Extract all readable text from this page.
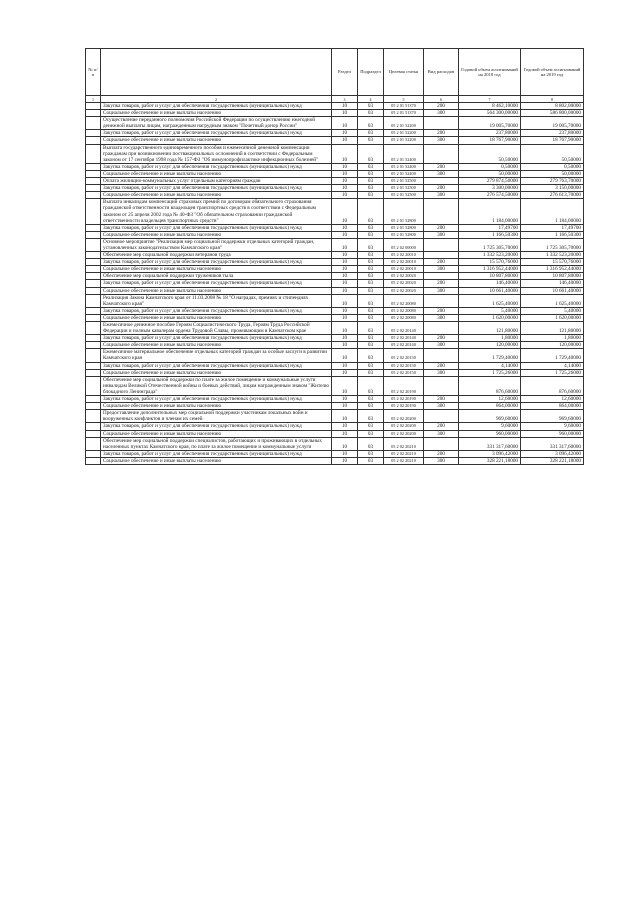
№ п/п		Раздел	Подраздел	Целевая статья	Вид расходов	Годовой объем ассигнований на 2018 год	Годовой объем ассигнований на 2019 год
1	2	3	4	5	6	7	8
	Закупка товаров, работ и услуг для обеспечения государственных (муниципальных) нужд	10	03	05 2 01 51370	200	8 462,10000	8 802,00000
	Социальное обеспечение и иные выплаты населению	10	03	05 2 01 51370	300	564 300,00000	586 800,00000
	Осуществление переданного полномочия Российской Федерации по осуществлению ежегодной денежной выплаты лицам, награжденным нагрудным знаком "Почетный донор России"	10	03	05 2 01 52200		19 005,70000	19 005,70000
	Закупка товаров, работ и услуг для обеспечения государственных (муниципальных) нужд	10	03	05 2 01 52200	200	237,80000	237,80000
	Социальное обеспечение и иные выплаты населению	10	03	05 2 01 52200	300	18 767,90000	18 767,90000
	Выплата государственного единовременного пособия и ежемесячной денежной компенсации гражданам при возникновении поствакцинальных осложнений в соответствии с Федеральным законом от 17 сентября 1998 года № 157-ФЗ "Об иммунопрофилактике инфекционных болезней"	10	03	05 2 01 52400		50,50000	50,50000
	Закупка товаров, работ и услуг для обеспечения государственных (муниципальных) нужд	10	03	05 2 01 52400	200	0,50000	0,50000
	Социальное обеспечение и иные выплаты населению	10	03	05 2 01 52400	300	50,00000	50,00000
	Оплата жилищно-коммунальных услуг отдельным категориям граждан	10	03	05 2 01 52500		279 874,50000	279 763,70000
	Закупка товаров, работ и услуг для обеспечения государственных (муниципальных) нужд	10	03	05 2 01 52500	200	3 300,00000	3 150,00000
	Социальное обеспечение и иные выплаты населению	10	03	05 2 01 52500	300	276 574,50000	276 613,70000
	Выплата инвалидам компенсаций страховых премий по договорам обязательного страхования гражданской ответственности владельцев транспортных средств в соответствии с Федеральным законом от 25 апреля 2002 года № 40-ФЗ "Об обязательном страховании гражданской ответственности владельцев транспортных средств"	10	03	05 2 01 52800		1 184,00000	1 184,00000
	Закупка товаров, работ и услуг для обеспечения государственных (муниципальных) нужд	10	03	05 2 01 52800	200	17,49700	17,49700
	Социальное обеспечение и иные выплаты населению	10	03	05 2 01 52800	300	1 166,50300	1 166,50300
	Основное мероприятие "Реализация мер социальной поддержки отдельных категорий граждан, установленных законодательством Камчатского края"	10	03	05 2 02 00000		1 725 305,70000	1 725 305,70000
	Обеспечение мер социальной поддержки ветеранов труда	10	03	05 2 02 20010		1 332 523,20000	1 332 523,20000
	Закупка товаров, работ и услуг для обеспечения государственных (муниципальных) нужд	10	03	05 2 02 20010	200	15 570,76000	15 570,76000
	Социальное обеспечение и иные выплаты населению	10	03	05 2 02 20010	300	1 316 952,44000	1 316 952,44000
	Обеспечение мер социальной поддержки тружеников тыла	10	03	05 2 02 20020		10 807,80000	10 807,80000
	Закупка товаров, работ и услуг для обеспечения государственных (муниципальных) нужд	10	03	05 2 02 20020	200	146,40000	146,40000
	Социальное обеспечение и иные выплаты населению	10	03	05 2 02 20020	300	10 661,40000	10 661,40000
	Реализация Закона Камчатского края от 11.03.2008 № 18 "О наградах, премиях и стипендиях Камчатского края"	10	03	05 2 02 20080		1 625,40000	1 625,40000
	Закупка товаров, работ и услуг для обеспечения государственных (муниципальных) нужд	10	03	05 2 02 20080	200	5,40000	5,40000
	Социальное обеспечение и иные выплаты населению	10	03	05 2 02 20080	300	1 620,00000	1 620,00000
	Ежемесячное денежное пособие Героям Социалистического Труда, Героям Труда Российской Федерации и полным кавалерам ордена Трудовой Славы, проживающим в Камчатском крае	10	03	05 2 02 20140		121,80000	121,80000
	Закупка товаров, работ и услуг для обеспечения государственных (муниципальных) нужд	10	03	05 2 02 20140	200	1,80000	1,80000
	Социальное обеспечение и иные выплаты населению	10	03	05 2 02 20140	300	120,00000	120,00000
	Ежемесячное материальное обеспечение отдельных категорий граждан за особые заслуги в развитии Камчатского края	10	03	05 2 02 20150		1 729,40000	1 729,40000
	Закупка товаров, работ и услуг для обеспечения государственных (муниципальных) нужд	10	03	05 2 02 20150	200	4,14000	4,14000
	Социальное обеспечение и иные выплаты населению	10	03	05 2 02 20150	300	1 725,26000	1 725,26000
	Обеспечение мер социальной поддержки по плате за жилое помещение и коммунальные услуги инвалидам Великой Отечественной войны и боевых действий, лицам награжденным знаком "Жителю блокадного Ленинграда"	10	03	05 2 02 20190		876,60000	876,60000
	Закупка товаров, работ и услуг для обеспечения государственных (муниципальных) нужд	10	03	05 2 02 20190	200	12,60000	12,60000
	Социальное обеспечение и иные выплаты населению	10	03	05 2 02 20190	300	864,00000	864,00000
	Предоставление дополнительных мер социальной поддержки участникам локальных войн и вооруженных конфликтов и членам их семей	10	03	05 2 02 20200		969,60000	969,60000
	Закупка товаров, работ и услуг для обеспечения государственных (муниципальных) нужд	10	03	05 2 02 20200	200	9,60000	9,60000
	Социальное обеспечение и иные выплаты населению	10	03	05 2 02 20200	300	960,00000	960,00000
	Обеспечение мер социальной поддержки специалистов, работающих и проживающих в отдельных населенных пунктах Камчатского края, по плате за жилое помещение и коммунальные услуги	10	03	05 2 02 20210		331 317,60000	331 317,60000
	Закупка товаров, работ и услуг для обеспечения государственных (муниципальных) нужд	10	03	05 2 02 20210	200	3 096,42000	3 096,42000
	Социальное обеспечение и иные выплаты населению	10	03	05 2 02 20210	300	328 221,18000	328 221,18000
